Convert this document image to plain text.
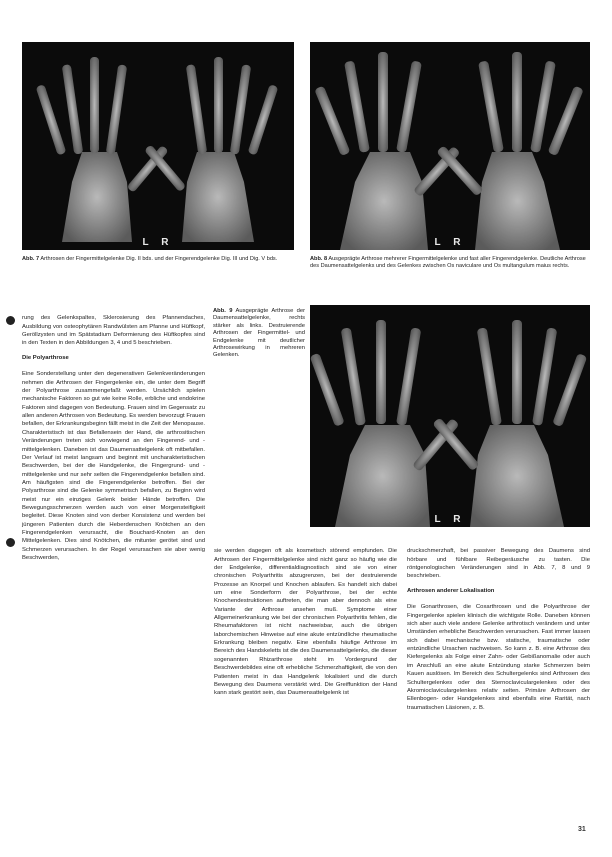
L R	L R
Abb. 7 Arthrosen der Fingermittelgelenke Dig. II bds. und der Fingerendgelenke Dig. III und Dig. V bds.	Abb. 8 Ausgeprägte Arthrose mehrerer Fingermittelgelenke und fast aller Fingerendgelenke. Deutliche Arthrose des Daumensattelgelenks und des Gelenkes zwischen Os naviculare und Os multangulum maius rechts.
Abb. 9 Ausgeprägte Arthrose der Daumensattelgelenke, rechts stärker als links. Destruierende Arthrosen der Fingermittel- und Endgelenke mit deutlicher Arthrosewirkung in mehreren Gelenken.
L R

rung des Gelenkspaltes, Sklerosierung des Pfannendaches, Ausbildung von osteophytären Randwülsten am Pfanne und Hüftkopf, Geröllzysten und im Spätstadium Deformierung des Hüftkopfes sind in den Texten in den Abbildungen 3, 4 und 5 beschrieben.

Die Polyarthrose

Eine Sonderstellung unter den degenerativen Gelenkveränderungen nehmen die Arthrosen der Fingergelenke ein, die unter dem Begriff der Polyarthrose zusammengefaßt werden. Ursächlich spielen mechanische Faktoren so gut wie keine Rolle, erbliche und endokrine Faktoren sind dagegen von Bedeutung. Frauen sind im Gegensatz zu allen anderen Arthrosen von Bedeutung. Es werden bevorzugt Frauen befallen, der Erkrankungsbeginn fällt meist in die Zeit der Menopause. Charakteristisch ist das Befallensein der Hand, die arthrositischen Veränderungen treten sich vorwiegend an den Fingerend- und -mittelgelenken. Daneben ist das Daumensattelgelenk oft mitbefallen. Der Verlauf ist meist langsam und beginnt mit uncharakteristischen Beschwerden, bei der die Handgelenke, die Fingergrund- und -mittelgelenke und nur sehr selten die Fingerendgelenke befallen sind. Am häufigsten sind die Fingerendgelenke betroffen. Bei der Polyarthrose sind die Gelenke symmetrisch befallen, zu Beginn wird meist nur ein einziges Gelenk beider Hände betroffen. Die Bewegungsschmerzen werden auch von einer Morgensteifigkeit begleitet. Diese Knoten sind von derber Konsistenz und werden bei jüngeren Patienten durch die Heberdenschen Knötchen an den Fingerendgelenken verursacht, die Bouchard-Knoten an den Mittelgelenken. Dies sind Knötchen, die mitunter gerötet sind und Schmerzen verursachen. In der Regel verursachen sie aber wenig Beschwerden,

sie werden dagegen oft als kosmetisch störend empfunden. Die Arthrosen der Fingermittelgelenke sind nicht ganz so häufig wie die der Endgelenke, differentialdiagnostisch sind sie von einer chronischen Polyarthritis abzugrenzen, bei der destruierende Prozesse an Knorpel und Knochen ablaufen. Es handelt sich dabei um eine Sonderform der Polyarthrose, bei der echte Knochendestruktionen auftreten, die man aber dennoch als eine Variante der Arthrose ansehen muß. Symptome einer Allgemeinerkrankung wie bei der chronischen Polyarthritis fehlen, die Rheumafaktoren ist nicht nachweisbar, auch die übrigen laborchemischen Hinweise auf eine akute entzündliche rheumatische Erkrankung bleiben negativ. Eine ebenfalls häufige Arthrose im Bereich des Handskeletts ist die des Daumensattelgelenks, die dieser sogenannten Rhizarthrose steht im Vordergrund der Beschwerdebildes eine oft erhebliche Schmerzhaftigkeit, die von den Patienten meist in das Handgelenk lokalisiert und die durch Bewegung des Daumens verstärkt wird. Die Greiffunktion der Hand kann stark gestört sein, das Daumensattelgelenk ist

druckschmerzhaft, bei passiver Bewegung des Daumens sind hörbare und fühlbare Reibegeräusche zu tasten. Die röntgenologischen Veränderungen sind in Abb. 7, 8 und 9 beschrieben.

Arthrosen anderer Lokalisation

Die Gonarthrosen, die Coxarthrosen und die Polyarthrose der Fingergelenke spielen klinisch die wichtigste Rolle. Daneben können sich aber auch viele andere Gelenke arthrotisch verändern und unter Umständen erhebliche Beschwerden verursachen. Fast immer lassen sich dabei mechanische bzw. statische, traumatische oder entzündliche Ursachen nachweisen. So kann z. B. eine Arthrose des Kiefergelenks als Folge einer Zahn- oder Gebißanomalie oder auch im Anschluß an eine akute Entzündung starke Schmerzen beim Kauen auslösen. Im Bereich des Schultergelenks sind Arthrosen des Schultergelenkes oder des Sternoclaviculargelenkes oder des Akromioclaviculargelenkes relativ selten. Primäre Arthrosen der Ellenbogen- oder Handgelenkes sind ebenfalls eine Rarität, nach traumatischen Läsionen, z. B.

31
